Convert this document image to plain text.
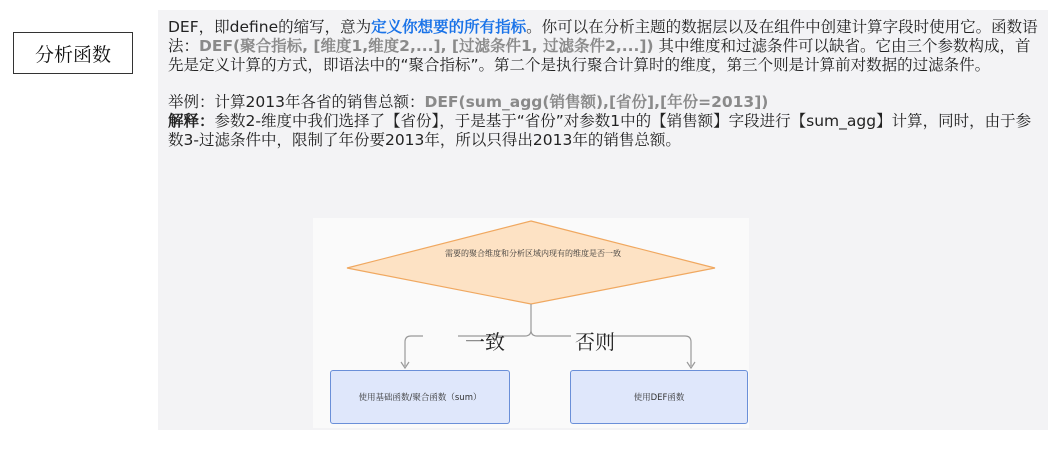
分析函数

DEF，即define的缩写，意为定义你想要的所有指标。你可以在分析主题的数据层以及在组件中创建计算字段时使用它。函数语法：DEF(聚合指标, [维度1,维度2,...], [过滤条件1, 过滤条件2,...]) 其中维度和过滤条件可以缺省。它由三个参数构成，首先是定义计算的方式，即语法中的“聚合指标”。第二个是执行聚合计算时的维度，第三个则是计算前对数据的过滤条件。

举例：计算2013年各省的销售总额：DEF(sum_agg(销售额),[省份],[年份=2013])
解释：参数2-维度中我们选择了【省份】，于是基于“省份”对参数1中的【销售额】字段进行【sum_agg】计算，同时，由于参数3-过滤条件中，限制了年份要2013年，所以只得出2013年的销售总额。

需要的聚合维度和分析区域内现有的维度是否一致
一致	否则
使用基础函数/聚合函数（sum）	使用DEF函数
